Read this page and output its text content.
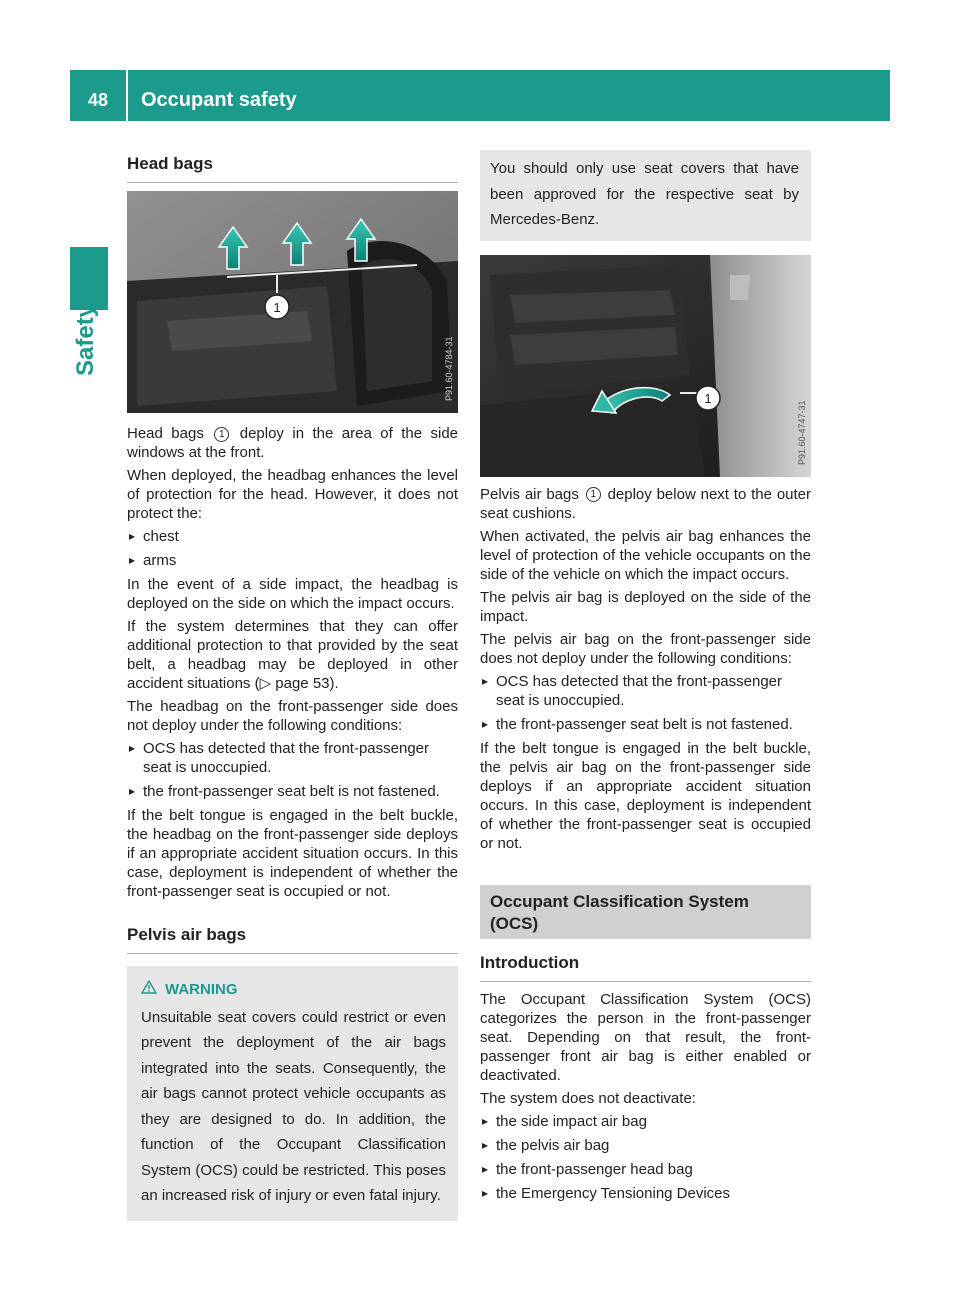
48	Occupant safety
Safety
Head bags
1
P91.60-4784-31

Head bags 1 deploy in the area of the side windows at the front.

When deployed, the headbag enhances the level of protection for the head. However, it does not protect the:

▸ chest
▸ arms

In the event of a side impact, the headbag is deployed on the side on which the impact occurs.

If the system determines that they can offer additional protection to that provided by the seat belt, a headbag may be deployed in other accident situations (▷ page 53).

The headbag on the front-passenger side does not deploy under the following conditions:

▸ OCS has detected that the front-passenger seat is unoccupied.
▸ the front-passenger seat belt is not fastened.

If the belt tongue is engaged in the belt buckle, the headbag on the front-passenger side deploys if an appropriate accident situation occurs. In this case, deployment is independent of whether the front-passenger seat is occupied or not.

Pelvis air bags
WARNING

Unsuitable seat covers could restrict or even prevent the deployment of the air bags integrated into the seats. Consequently, the air bags cannot protect vehicle occupants as they are designed to do. In addition, the function of the Occupant Classification System (OCS) could be restricted. This poses an increased risk of injury or even fatal injury.

You should only use seat covers that have been approved for the respective seat by Mercedes-Benz.

1
P91.60-4747-31

Pelvis air bags 1 deploy below next to the outer seat cushions.

When activated, the pelvis air bag enhances the level of protection of the vehicle occupants on the side of the vehicle on which the impact occurs.

The pelvis air bag is deployed on the side of the impact.

The pelvis air bag on the front-passenger side does not deploy under the following conditions:

▸ OCS has detected that the front-passenger seat is unoccupied.
▸ the front-passenger seat belt is not fastened.

If the belt tongue is engaged in the belt buckle, the pelvis air bag on the front-passenger side deploys if an appropriate accident situation occurs. In this case, deployment is independent of whether the front-passenger seat is occupied or not.

Occupant Classification System (OCS)
Introduction

The Occupant Classification System (OCS) categorizes the person in the front-passenger seat. Depending on that result, the front-passenger front air bag is either enabled or deactivated.

The system does not deactivate:

▸ the side impact air bag
▸ the pelvis air bag
▸ the front-passenger head bag
▸ the Emergency Tensioning Devices
